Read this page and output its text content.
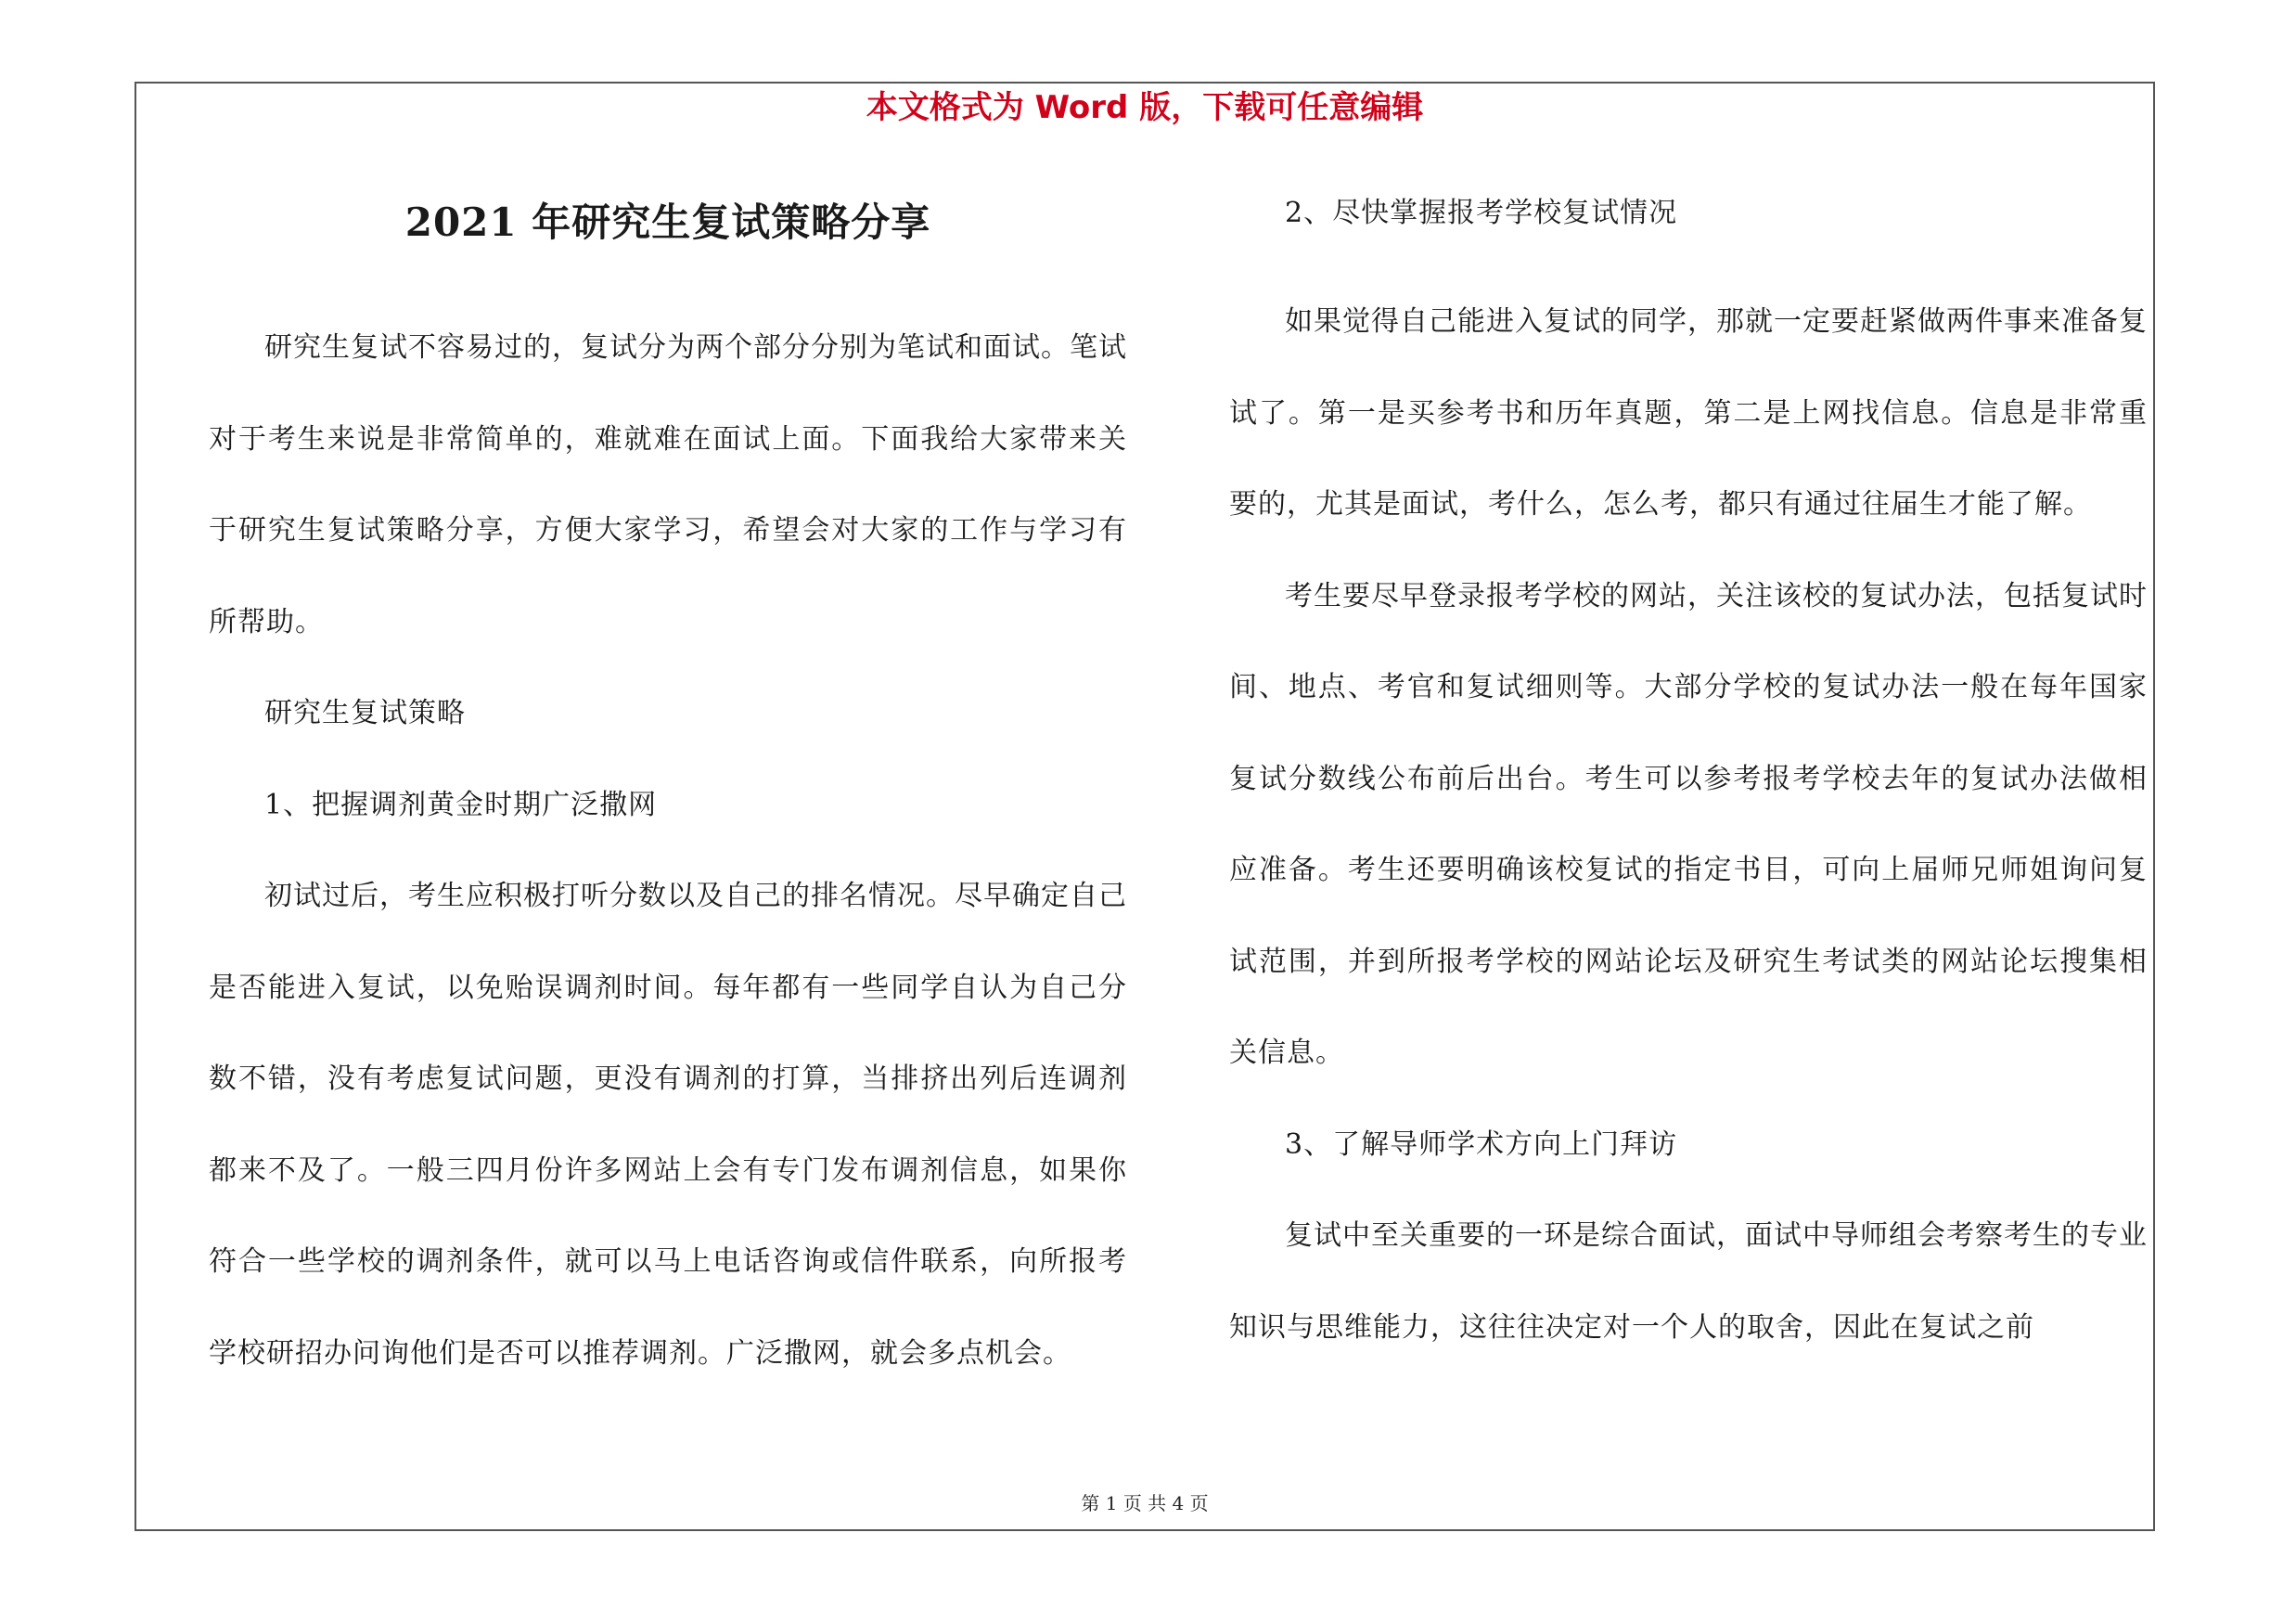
本文格式为 Word 版，下载可任意编辑
2021 年研究生复试策略分享

研究生复试不容易过的，复试分为两个部分分别为笔试和面试。笔试对于考生来说是非常简单的，难就难在面试上面。下面我给大家带来关于研究生复试策略分享，方便大家学习，希望会对大家的工作与学习有所帮助。

研究生复试策略

1、把握调剂黄金时期广泛撒网

初试过后，考生应积极打听分数以及自己的排名情况。尽早确定自己是否能进入复试，以免贻误调剂时间。每年都有一些同学自认为自己分数不错，没有考虑复试问题，更没有调剂的打算，当排挤出列后连调剂都来不及了。一般三四月份许多网站上会有专门发布调剂信息，如果你符合一些学校的调剂条件，就可以马上电话咨询或信件联系，向所报考学校研招办问询他们是否可以推荐调剂。广泛撒网，就会多点机会。

2、尽快掌握报考学校复试情况

如果觉得自己能进入复试的同学，那就一定要赶紧做两件事来准备复试了。第一是买参考书和历年真题，第二是上网找信息。信息是非常重要的，尤其是面试，考什么，怎么考，都只有通过往届生才能了解。

考生要尽早登录报考学校的网站，关注该校的复试办法，包括复试时间、地点、考官和复试细则等。大部分学校的复试办法一般在每年国家复试分数线公布前后出台。考生可以参考报考学校去年的复试办法做相应准备。考生还要明确该校复试的指定书目，可向上届师兄师姐询问复试范围，并到所报考学校的网站论坛及研究生考试类的网站论坛搜集相关信息。

3、了解导师学术方向上门拜访

复试中至关重要的一环是综合面试，面试中导师组会考察考生的专业知识与思维能力，这往往决定对一个人的取舍，因此在复试之前

第 1 页 共 4 页
